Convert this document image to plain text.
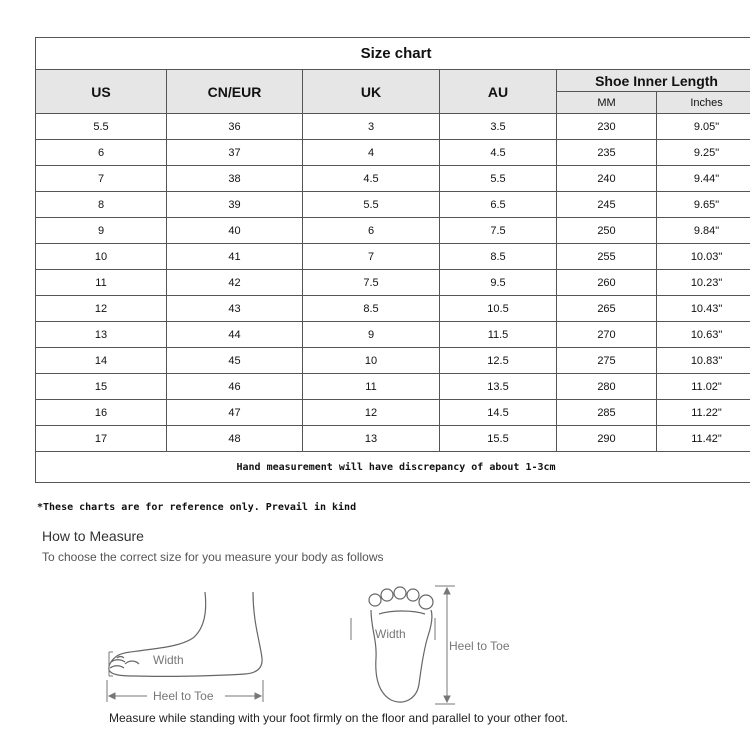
Size chart					
US	CN/EUR	UK	AU	Shoe Inner Length	
				MM	Inches
5.5	36	3	3.5	230	9.05"
6	37	4	4.5	235	9.25"
7	38	4.5	5.5	240	9.44"
8	39	5.5	6.5	245	9.65"
9	40	6	7.5	250	9.84"
10	41	7	8.5	255	10.03"
11	42	7.5	9.5	260	10.23"
12	43	8.5	10.5	265	10.43"
13	44	9	11.5	270	10.63"
14	45	10	12.5	275	10.83"
15	46	11	13.5	280	11.02"
16	47	12	14.5	285	11.22"
17	48	13	15.5	290	11.42"
Hand measurement will have discrepancy of about 1-3cm					
*These charts are for reference only. Prevail in kind
How to Measure
To choose the correct size for you measure your body as follows
Width
Heel to Toe
Width
Heel to Toe
Measure while standing with your foot firmly on the floor and parallel to your other foot.
